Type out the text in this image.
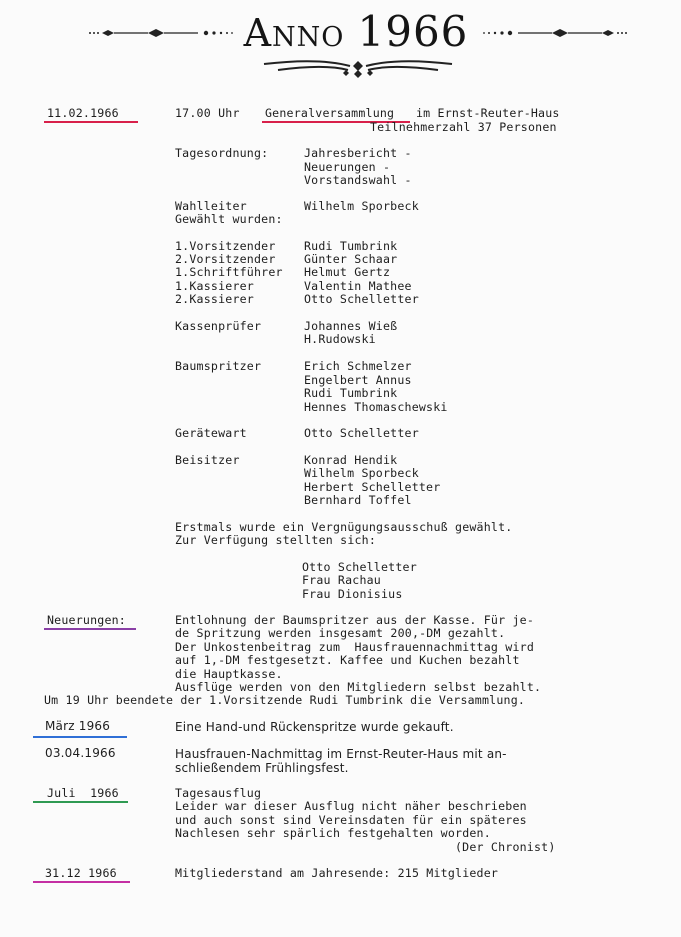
Anno 1966
11.02.1966	17.00 Uhr Generalversammlung im Ernst-Reuter-Haus
Teilnehmerzahl 37 Personen
Tagesordnung:	Jahresbericht -
Neuerungen -
Vorstandswahl -
Wahlleiter	Wilhelm Sporbeck
Gewählt wurden:
1.Vorsitzender Rudi Tumbrink
2.Vorsitzender Günter Schaar
1.Schriftführer Helmut Gertz
1.Kassierer	Valentin Mathee
2.Kassierer	Otto Schelletter
Kassenprüfer	Johannes Wieß
H.Rudowski
Baumspritzer	Erich Schmelzer
Engelbert Annus
Rudi Tumbrink
Hennes Thomaschewski
Gerätewart	Otto Schelletter
Beisitzer	Konrad Hendik
Wilhelm Sporbeck
Herbert Schelletter
Bernhard Toffel
Erstmals wurde ein Vergnügungsausschuß gewählt.
Zur Verfügung stellten sich:
Otto Schelletter
Frau Rachau
Frau Dionisius
Neuerungen:	Entlohnung der Baumspritzer aus der Kasse. Für je-
de Spritzung werden insgesamt 200,-DM gezahlt.
Der Unkostenbeitrag zum  Hausfrauennachmittag wird
auf 1,-DM festgesetzt. Kaffee und Kuchen bezahlt
die Hauptkasse.
Ausflüge werden von den Mitgliedern selbst bezahlt.
Um 19 Uhr beendete der 1.Vorsitzende Rudi Tumbrink die Versammlung.
März 1966	Eine Hand-und Rückenspritze wurde gekauft.
03.04.1966	Hausfrauen-Nachmittag im Ernst-Reuter-Haus mit an-
schließendem Frühlingsfest.
Juli  1966	Tagesausflug
Leider war dieser Ausflug nicht näher beschrieben
und auch sonst sind Vereinsdaten für ein späteres
Nachlesen sehr spärlich festgehalten worden.
(Der Chronist)
31.12 1966	Mitgliederstand am Jahresende: 215 Mitglieder
